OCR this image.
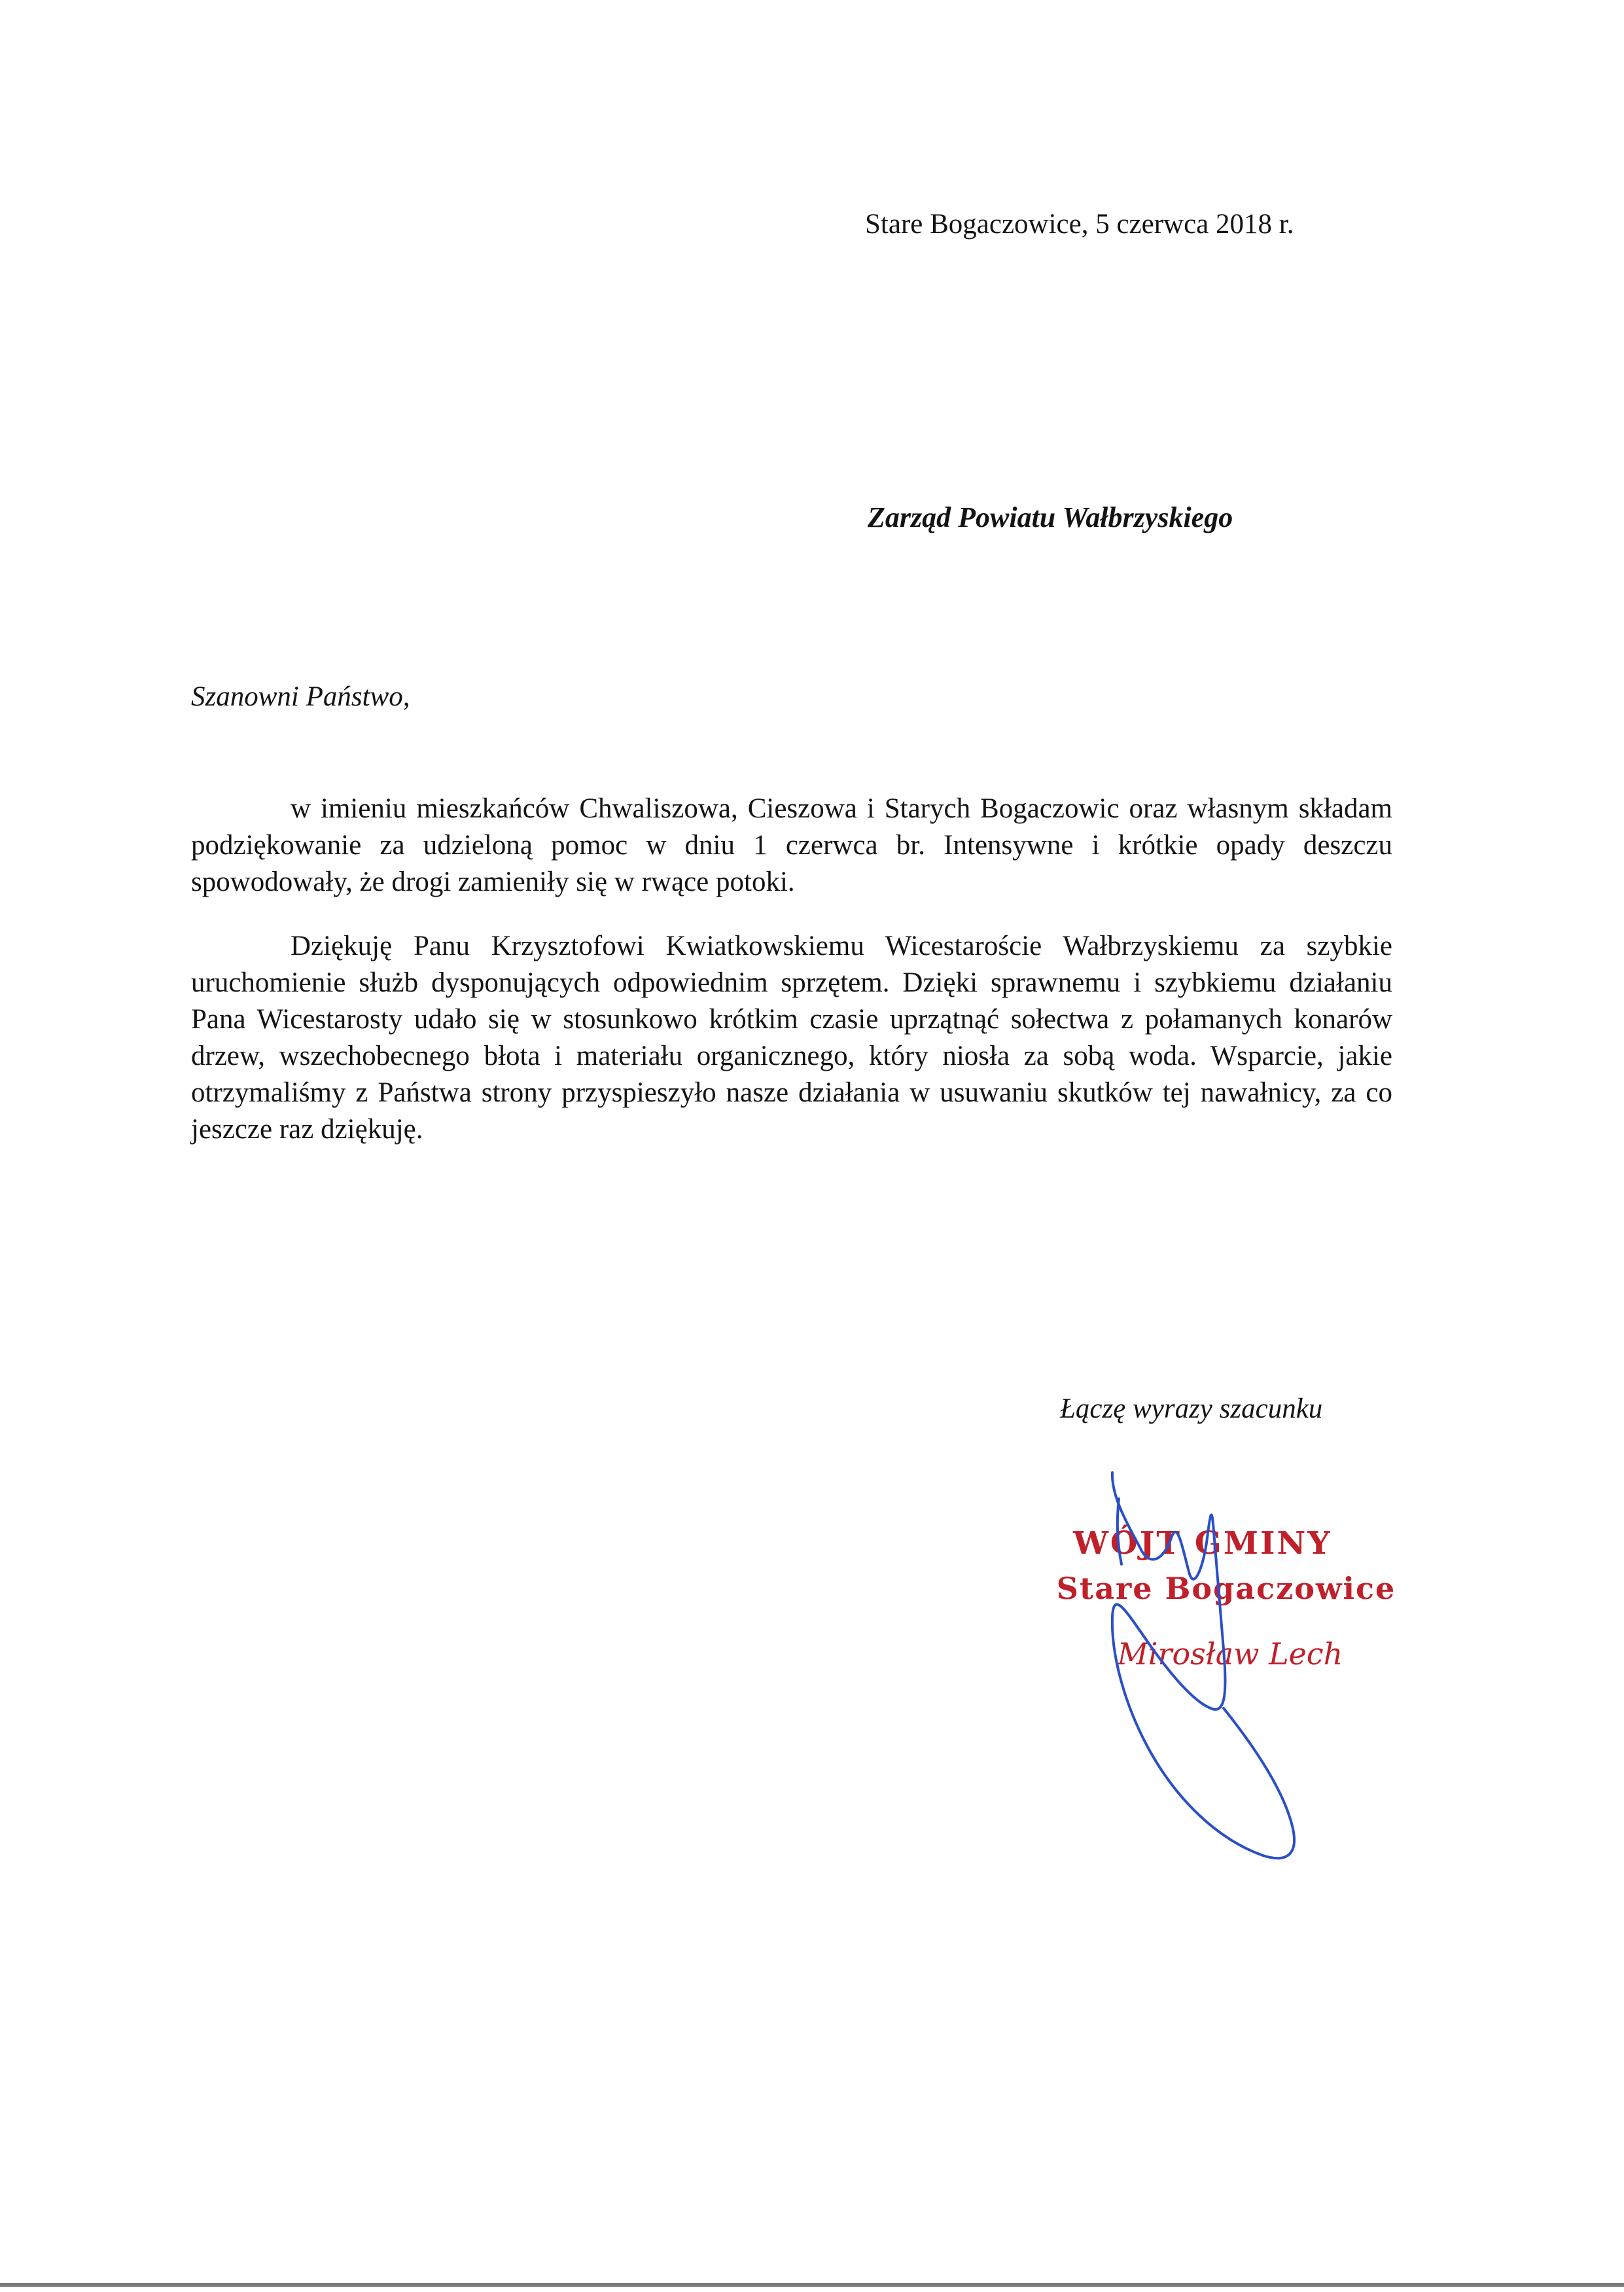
Stare Bogaczowice, 5 czerwca 2018 r.
Zarząd Powiatu Wałbrzyskiego
Szanowni Państwo,

w imieniu mieszkańców Chwaliszowa, Cieszowa i Starych Bogaczowic oraz własnym składam podziękowanie za udzieloną pomoc w dniu 1 czerwca br. Intensywne i krótkie opady deszczu spowodowały, że drogi zamieniły się w rwące potoki.

Dziękuję Panu Krzysztofowi Kwiatkowskiemu Wicestaroście Wałbrzyskiemu za szybkie uruchomienie służb dysponujących odpowiednim sprzętem. Dzięki sprawnemu i szybkiemu działaniu Pana Wicestarosty udało się w stosunkowo krótkim czasie uprzątnąć sołectwa z połamanych konarów drzew, wszechobecnego błota i materiału organicznego, który niosła za sobą woda. Wsparcie, jakie otrzymaliśmy z Państwa strony przyspieszyło nasze działania w usuwaniu skutków tej nawałnicy, za co jeszcze raz dziękuję.

Łączę wyrazy szacunku
WÓJT GMINY
Stare Bogaczowice
Mirosław Lech
